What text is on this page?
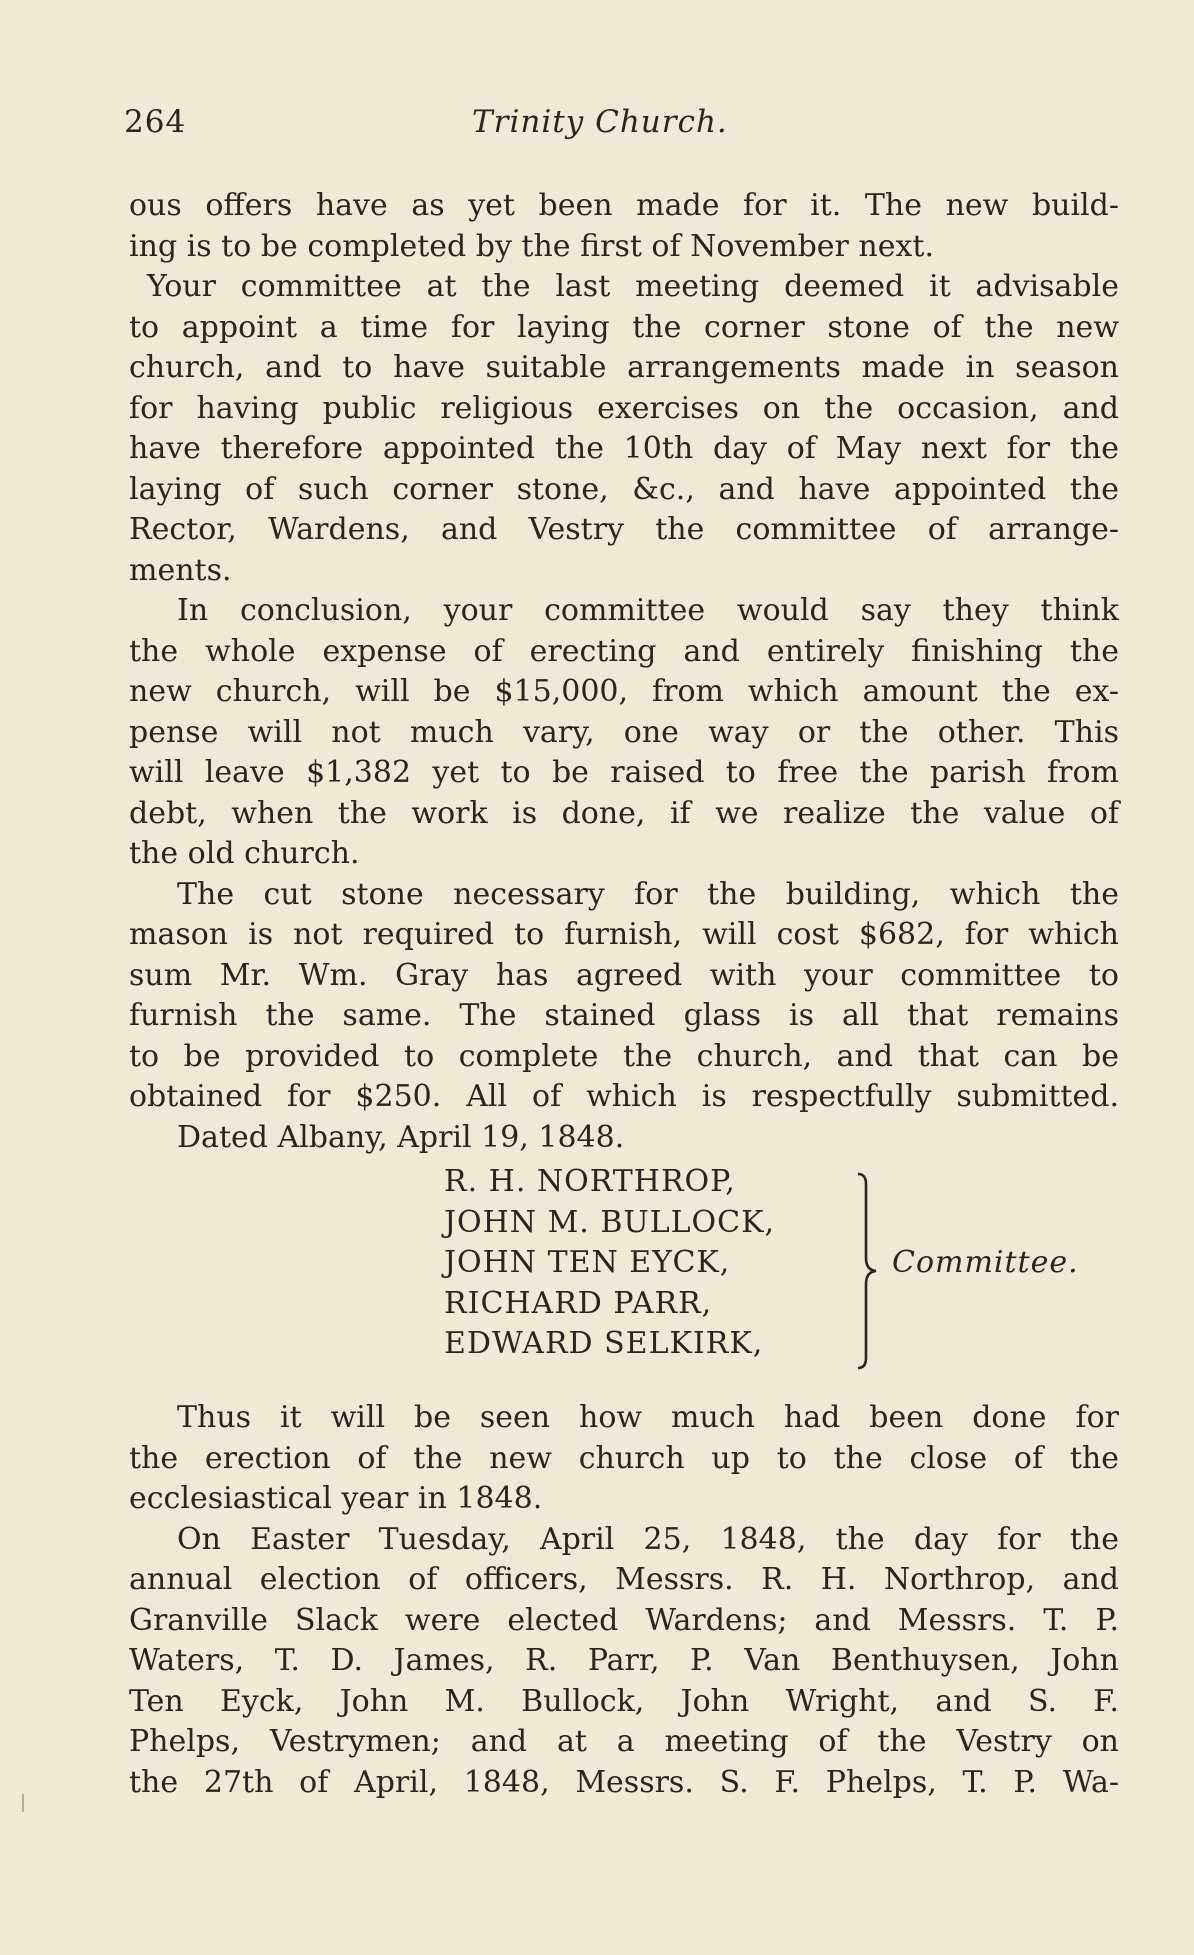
264	Trinity Church.
ous offers have as yet been made for it. The new build-
ing is to be completed by the first of November next.
Your committee at the last meeting deemed it advisable
to appoint a time for laying the corner stone of the new
church, and to have suitable arrangements made in season
for having public religious exercises on the occasion, and
have therefore appointed the 10th day of May next for the
laying of such corner stone, &c., and have appointed the
Rector, Wardens, and Vestry the committee of arrange-
ments.
In conclusion, your committee would say they think
the whole expense of erecting and entirely finishing the
new church, will be $15,000, from which amount the ex-
pense will not much vary, one way or the other. This
will leave $1,382 yet to be raised to free the parish from
debt, when the work is done, if we realize the value of
the old church.
The cut stone necessary for the building, which the
mason is not required to furnish, will cost $682, for which
sum Mr. Wm. Gray has agreed with your committee to
furnish the same. The stained glass is all that remains
to be provided to complete the church, and that can be
obtained for $250. All of which is respectfully submitted.
Dated Albany, April 19, 1848.
R. H. NORTHROP,
JOHN M. BULLOCK,
JOHN TEN EYCK,
RICHARD PARR,
EDWARD SELKIRK,
Committee.
Thus it will be seen how much had been done for
the erection of the new church up to the close of the
ecclesiastical year in 1848.
On Easter Tuesday, April 25, 1848, the day for the
annual election of officers, Messrs. R. H. Northrop, and
Granville Slack were elected Wardens; and Messrs. T. P.
Waters, T. D. James, R. Parr, P. Van Benthuysen, John
Ten Eyck, John M. Bullock, John Wright, and S. F.
Phelps, Vestrymen; and at a meeting of the Vestry on
the 27th of April, 1848, Messrs. S. F. Phelps, T. P. Wa-
